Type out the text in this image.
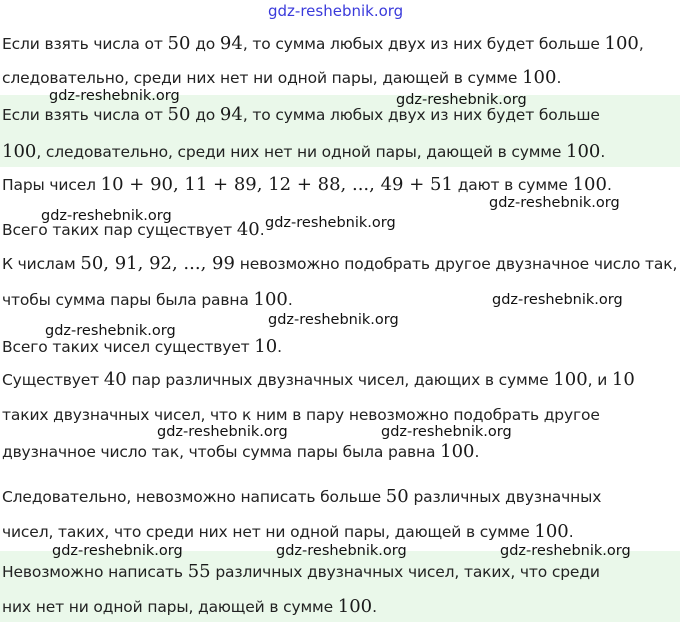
gdz-reshebnik.org
Если взять числа от 50 до 94, то сумма любых двух из них будет больше 100,
следовательно, среди них нет ни одной пары, дающей в сумме 100.
Если взять числа от 50 до 94, то сумма любых двух из них будет больше
100, следовательно, среди них нет ни одной пары, дающей в сумме 100.
Пары чисел 10 + 90, 11 + 89, 12 + 88, ..., 49 + 51 дают в сумме 100.
Всего таких пар существует 40.
К числам 50, 91, 92, ..., 99 невозможно подобрать другое двузначное число так,
чтобы сумма пары была равна 100.
Всего таких чисел существует 10.
Существует 40 пар различных двузначных чисел, дающих в сумме 100, и 10
таких двузначных чисел, что к ним в пару невозможно подобрать другое
двузначное число так, чтобы сумма пары была равна 100.
Следовательно, невозможно написать больше 50 различных двузначных
чисел, таких, что среди них нет ни одной пары, дающей в сумме 100.
Невозможно написать 55 различных двузначных чисел, таких, что среди
них нет ни одной пары, дающей в сумме 100.
gdz-reshebnik.org	gdz-reshebnik.org
gdz-reshebnik.org
gdz-reshebnik.org	gdz-reshebnik.org
gdz-reshebnik.org
gdz-reshebnik.org
gdz-reshebnik.org
gdz-reshebnik.org	gdz-reshebnik.org
gdz-reshebnik.org	gdz-reshebnik.org	gdz-reshebnik.org
